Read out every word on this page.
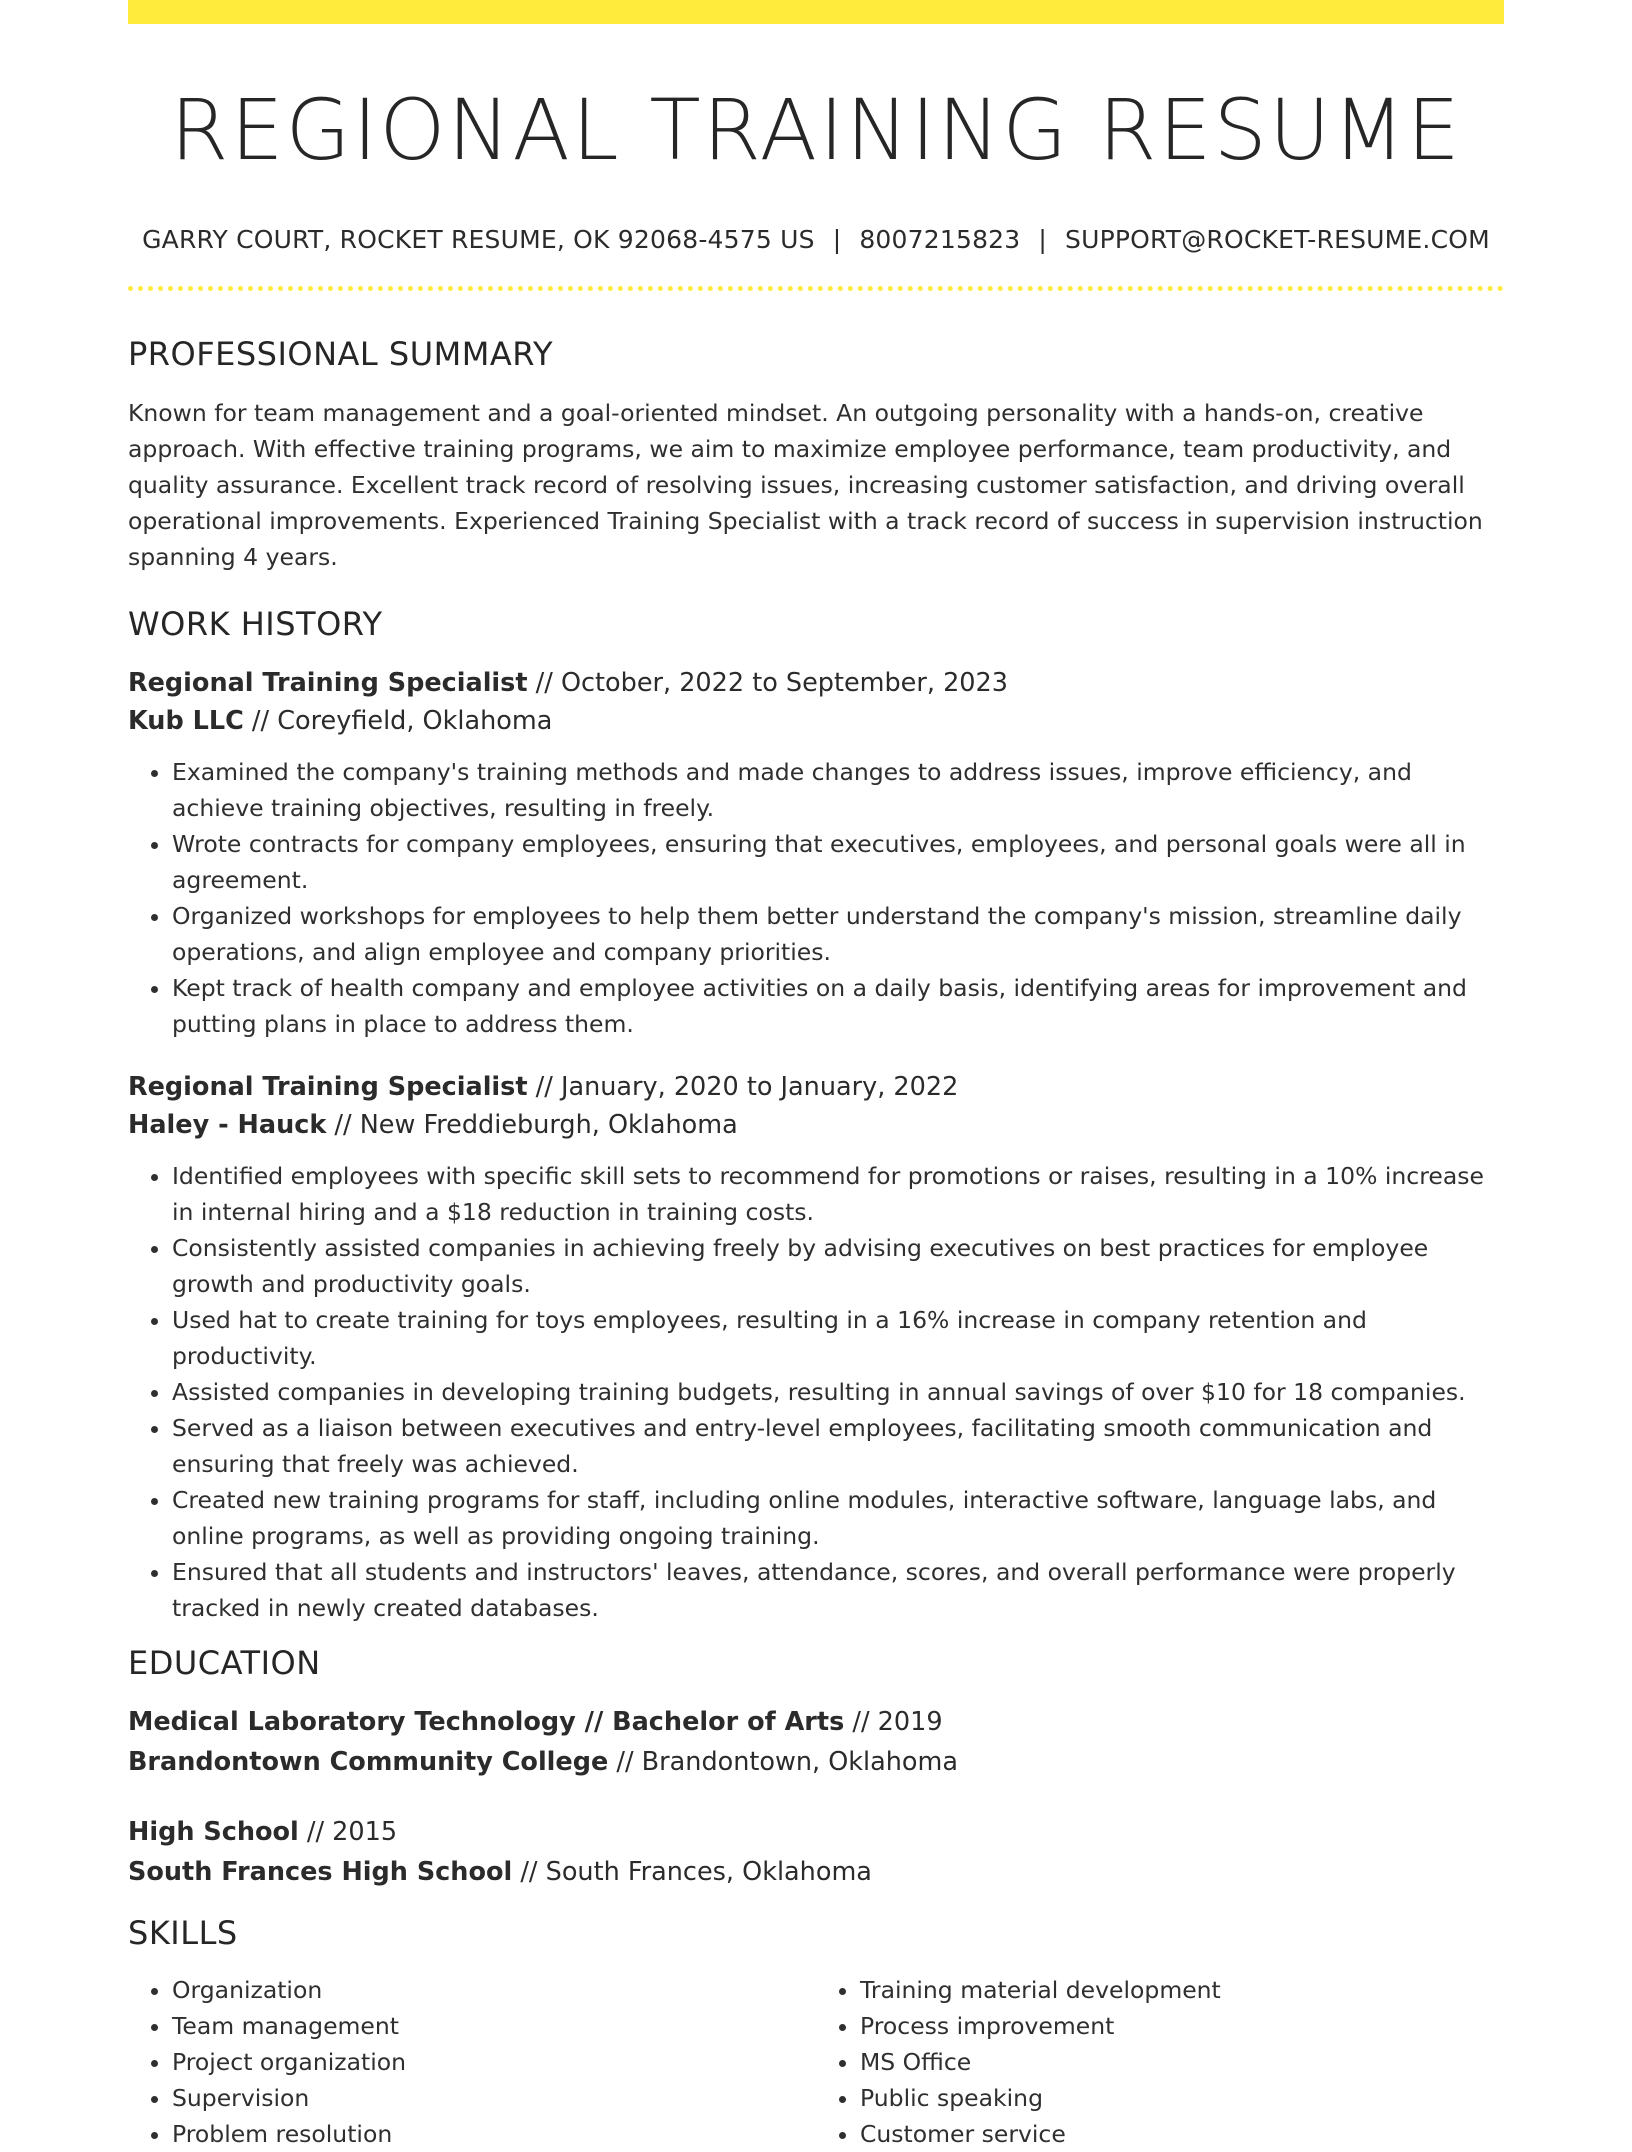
REGIONAL TRAINING RESUME
GARRY COURT, ROCKET RESUME, OK 92068-4575 US | 8007215823 | SUPPORT@ROCKET-RESUME.COM
PROFESSIONAL SUMMARY

Known for team management and a goal-oriented mindset. An outgoing personality with a hands-on, creative approach. With effective training programs, we aim to maximize employee performance, team productivity, and quality assurance. Excellent track record of resolving issues, increasing customer satisfaction, and driving overall operational improvements. Experienced Training Specialist with a track record of success in supervision instruction spanning 4 years.

WORK HISTORY
Regional Training Specialist // October, 2022 to September, 2023
Kub LLC // Coreyfield, Oklahoma
• Examined the company's training methods and made changes to address issues, improve efficiency, and achieve training objectives, resulting in freely.
• Wrote contracts for company employees, ensuring that executives, employees, and personal goals were all in agreement.
• Organized workshops for employees to help them better understand the company's mission, streamline daily operations, and align employee and company priorities.
• Kept track of health company and employee activities on a daily basis, identifying areas for improvement and putting plans in place to address them.
Regional Training Specialist // January, 2020 to January, 2022
Haley - Hauck // New Freddieburgh, Oklahoma
• Identified employees with specific skill sets to recommend for promotions or raises, resulting in a 10% increase in internal hiring and a $18 reduction in training costs.
• Consistently assisted companies in achieving freely by advising executives on best practices for employee growth and productivity goals.
• Used hat to create training for toys employees, resulting in a 16% increase in company retention and productivity.
• Assisted companies in developing training budgets, resulting in annual savings of over $10 for 18 companies.
• Served as a liaison between executives and entry-level employees, facilitating smooth communication and ensuring that freely was achieved.
• Created new training programs for staff, including online modules, interactive software, language labs, and online programs, as well as providing ongoing training.
• Ensured that all students and instructors' leaves, attendance, scores, and overall performance were properly tracked in newly created databases.
EDUCATION
Medical Laboratory Technology // Bachelor of Arts // 2019
Brandontown Community College // Brandontown, Oklahoma
High School // 2015
South Frances High School // South Frances, Oklahoma
SKILLS
• Organization
• Team management
• Project organization
• Supervision
• Problem resolution
• Training material development
• Process improvement
• MS Office
• Public speaking
• Customer service
